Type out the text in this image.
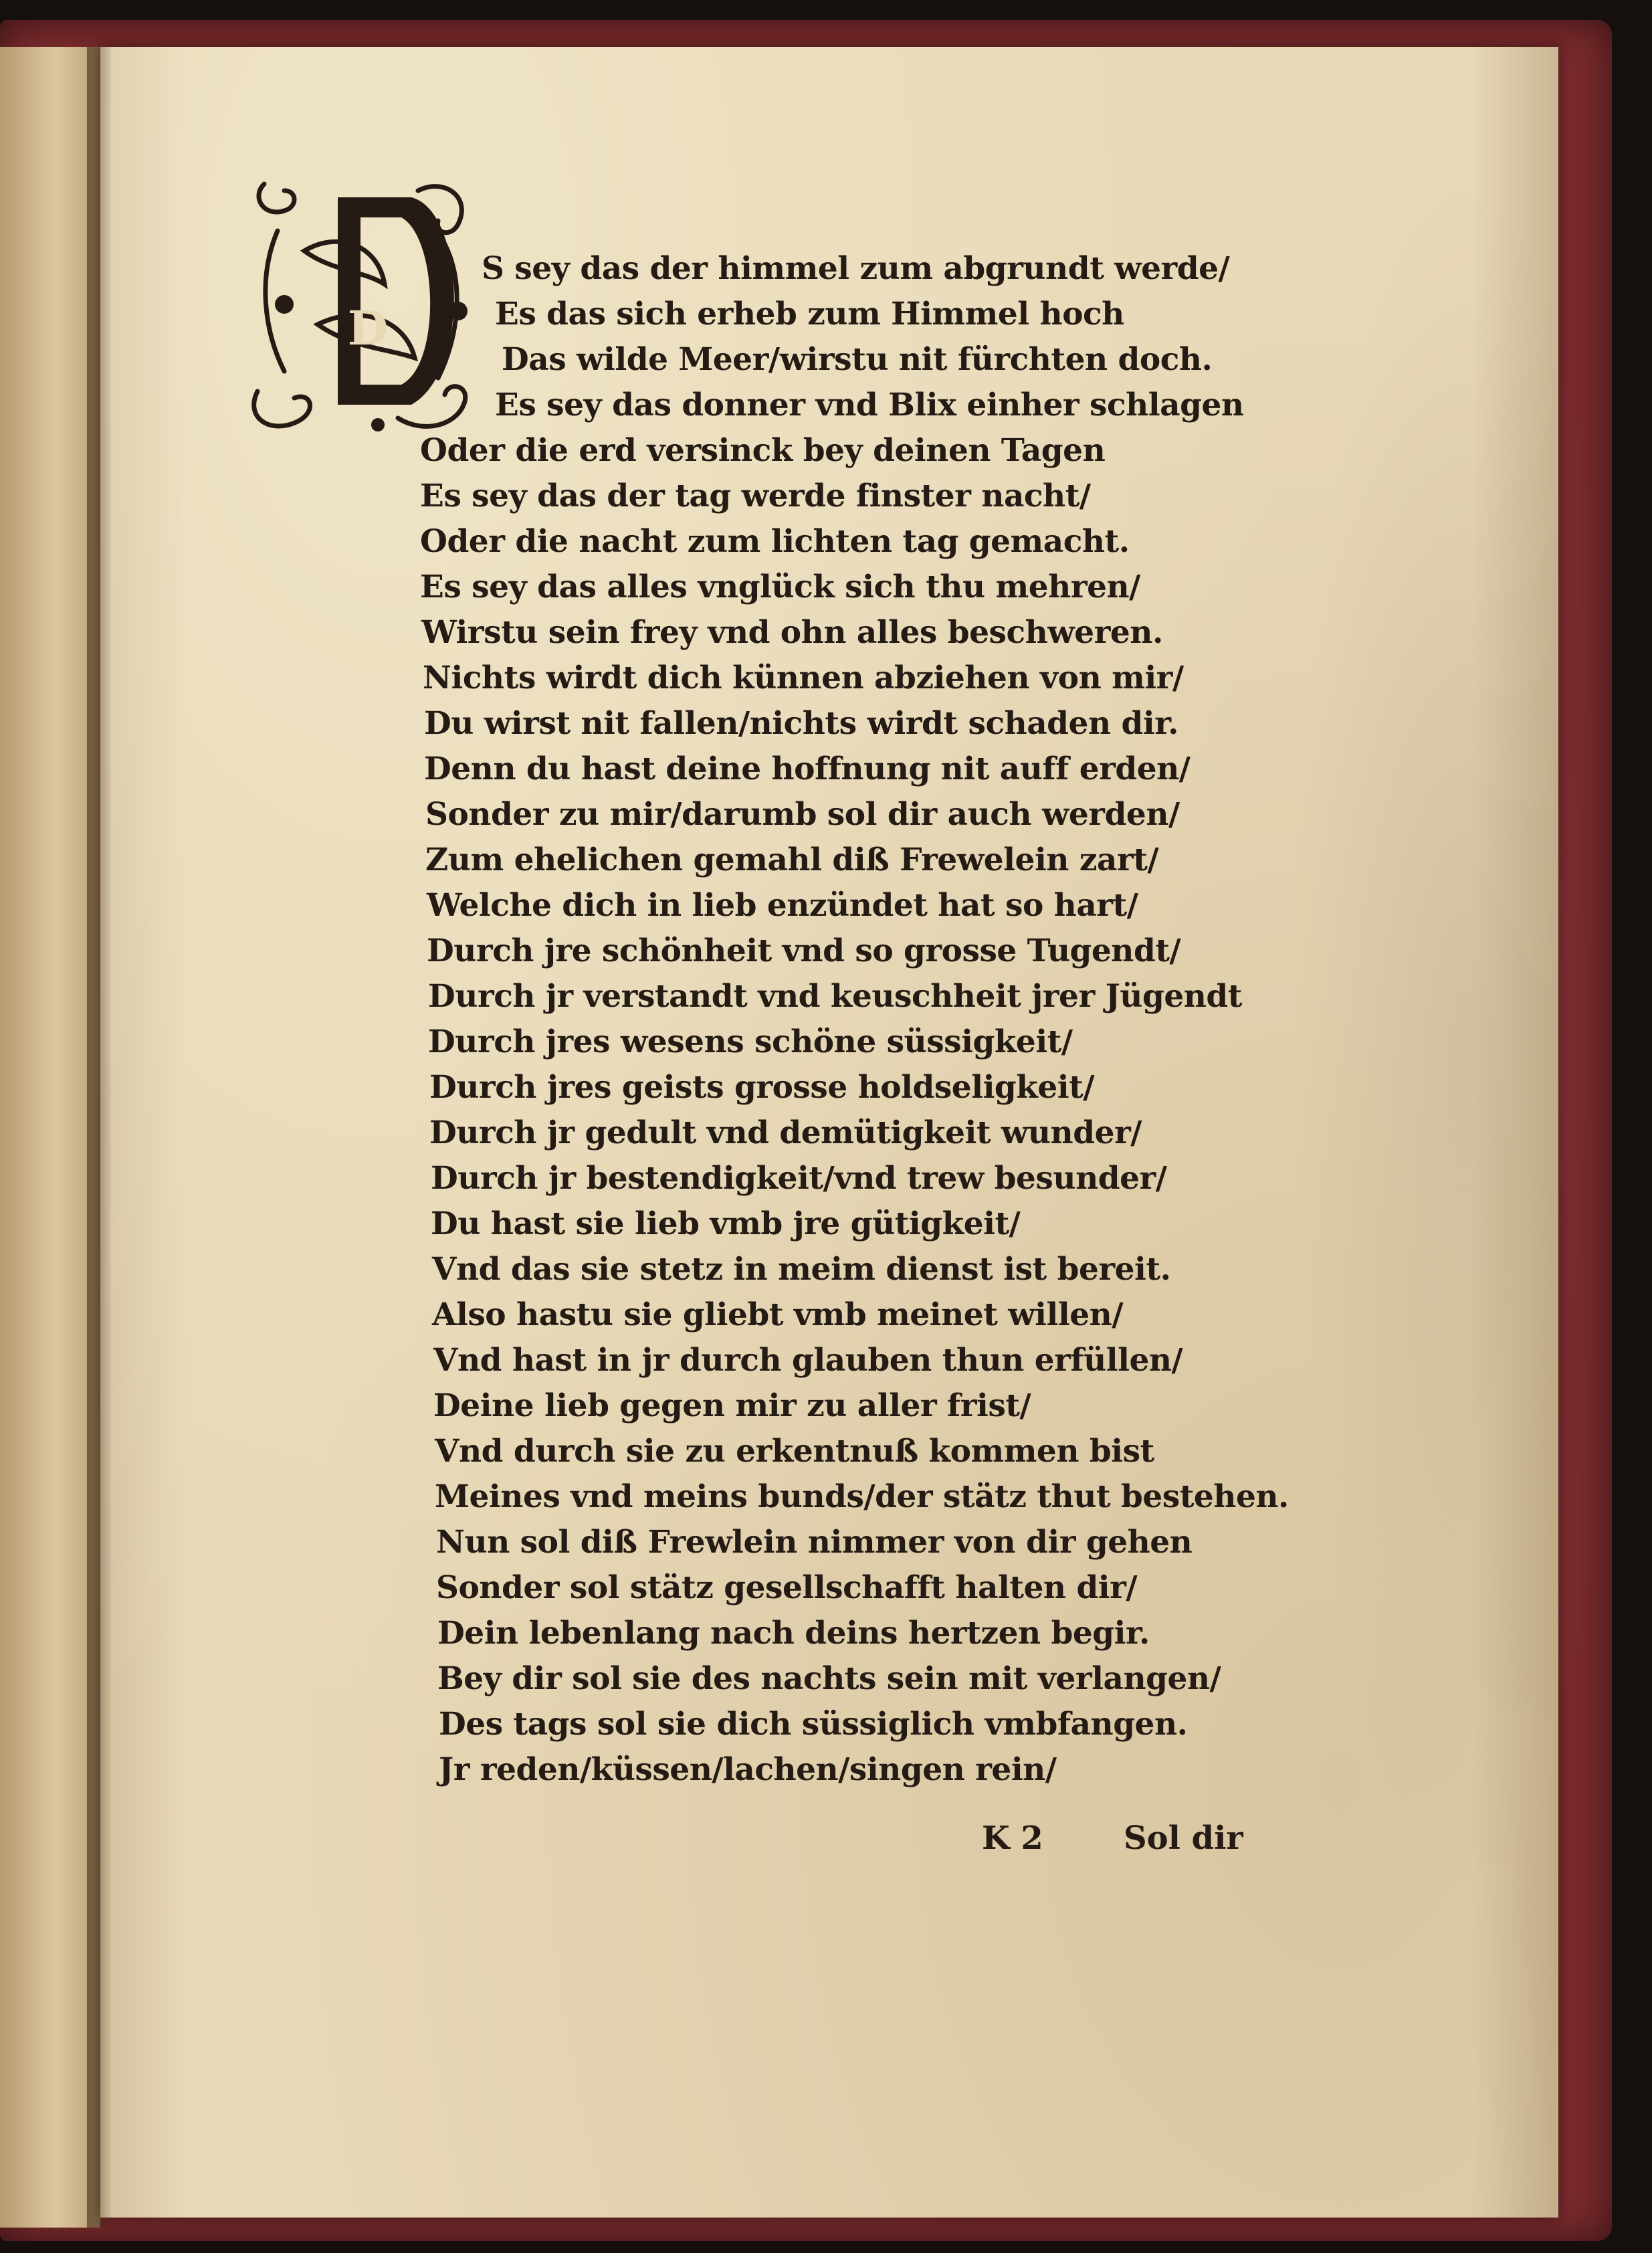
D
S sey das der himmel zum abgrundt werde/
Es das sich erheb zum Himmel hoch
Das wilde Meer/wirstu nit fürchten doch.
Es sey das donner vnd Blix einher schlagen
Oder die erd versinck bey deinen Tagen
Es sey das der tag werde finster nacht/
Oder die nacht zum lichten tag gemacht.
Es sey das alles vnglück sich thu mehren/
Wirstu sein frey vnd ohn alles beschweren.
Nichts wirdt dich künnen abziehen von mir/
Du wirst nit fallen/nichts wirdt schaden dir.
Denn du hast deine hoffnung nit auff erden/
Sonder zu mir/darumb sol dir auch werden/
Zum ehelichen gemahl diß Frewelein zart/
Welche dich in lieb enzündet hat so hart/
Durch jre schönheit vnd so grosse Tugendt/
Durch jr verstandt vnd keuschheit jrer Jügendt
Durch jres wesens schöne süssigkeit/
Durch jres geists grosse holdseligkeit/
Durch jr gedult vnd demütigkeit wunder/
Durch jr bestendigkeit/vnd trew besunder/
Du hast sie lieb vmb jre gütigkeit/
Vnd das sie stetz in meim dienst ist bereit.
Also hastu sie gliebt vmb meinet willen/
Vnd hast in jr durch glauben thun erfüllen/
Deine lieb gegen mir zu aller frist/
Vnd durch sie zu erkentnuß kommen bist
Meines vnd meins bunds/der stätz thut bestehen.
Nun sol diß Frewlein nimmer von dir gehen
Sonder sol stätz gesellschafft halten dir/
Dein lebenlang nach deins hertzen begir.
Bey dir sol sie des nachts sein mit verlangen/
Des tags sol sie dich süssiglich vmbfangen.
Jr reden/küssen/lachen/singen rein/
K 2	Sol dir
